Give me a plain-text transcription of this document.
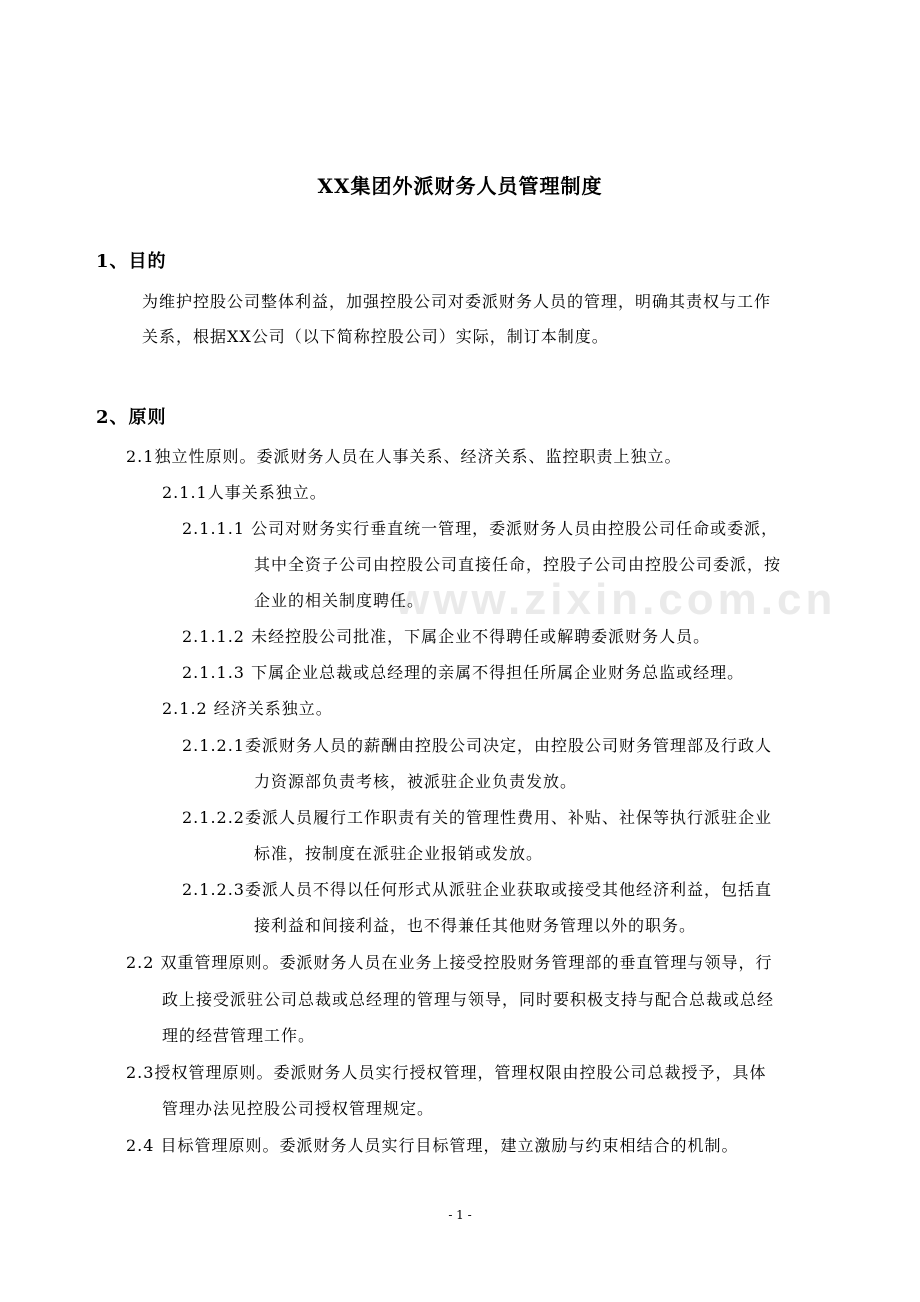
www.zixin.com.cn
XX集团外派财务人员管理制度
1、目的
为维护控股公司整体利益，加强控股公司对委派财务人员的管理，明确其责权与工作
关系，根据XX公司（以下简称控股公司）实际，制订本制度。
2、原则
2.1独立性原则。委派财务人员在人事关系、经济关系、监控职责上独立。
2.1.1人事关系独立。
2.1.1.1 公司对财务实行垂直统一管理，委派财务人员由控股公司任命或委派，
其中全资子公司由控股公司直接任命，控股子公司由控股公司委派，按
企业的相关制度聘任。
2.1.1.2 未经控股公司批准，下属企业不得聘任或解聘委派财务人员。
2.1.1.3 下属企业总裁或总经理的亲属不得担任所属企业财务总监或经理。
2.1.2 经济关系独立。
2.1.2.1委派财务人员的薪酬由控股公司决定，由控股公司财务管理部及行政人
力资源部负责考核，被派驻企业负责发放。
2.1.2.2委派人员履行工作职责有关的管理性费用、补贴、社保等执行派驻企业
标准，按制度在派驻企业报销或发放。
2.1.2.3委派人员不得以任何形式从派驻企业获取或接受其他经济利益，包括直
接利益和间接利益，也不得兼任其他财务管理以外的职务。
2.2 双重管理原则。委派财务人员在业务上接受控股财务管理部的垂直管理与领导，行
政上接受派驻公司总裁或总经理的管理与领导，同时要积极支持与配合总裁或总经
理的经营管理工作。
2.3授权管理原则。委派财务人员实行授权管理，管理权限由控股公司总裁授予，具体
管理办法见控股公司授权管理规定。
2.4 目标管理原则。委派财务人员实行目标管理，建立激励与约束相结合的机制。
- 1 -
